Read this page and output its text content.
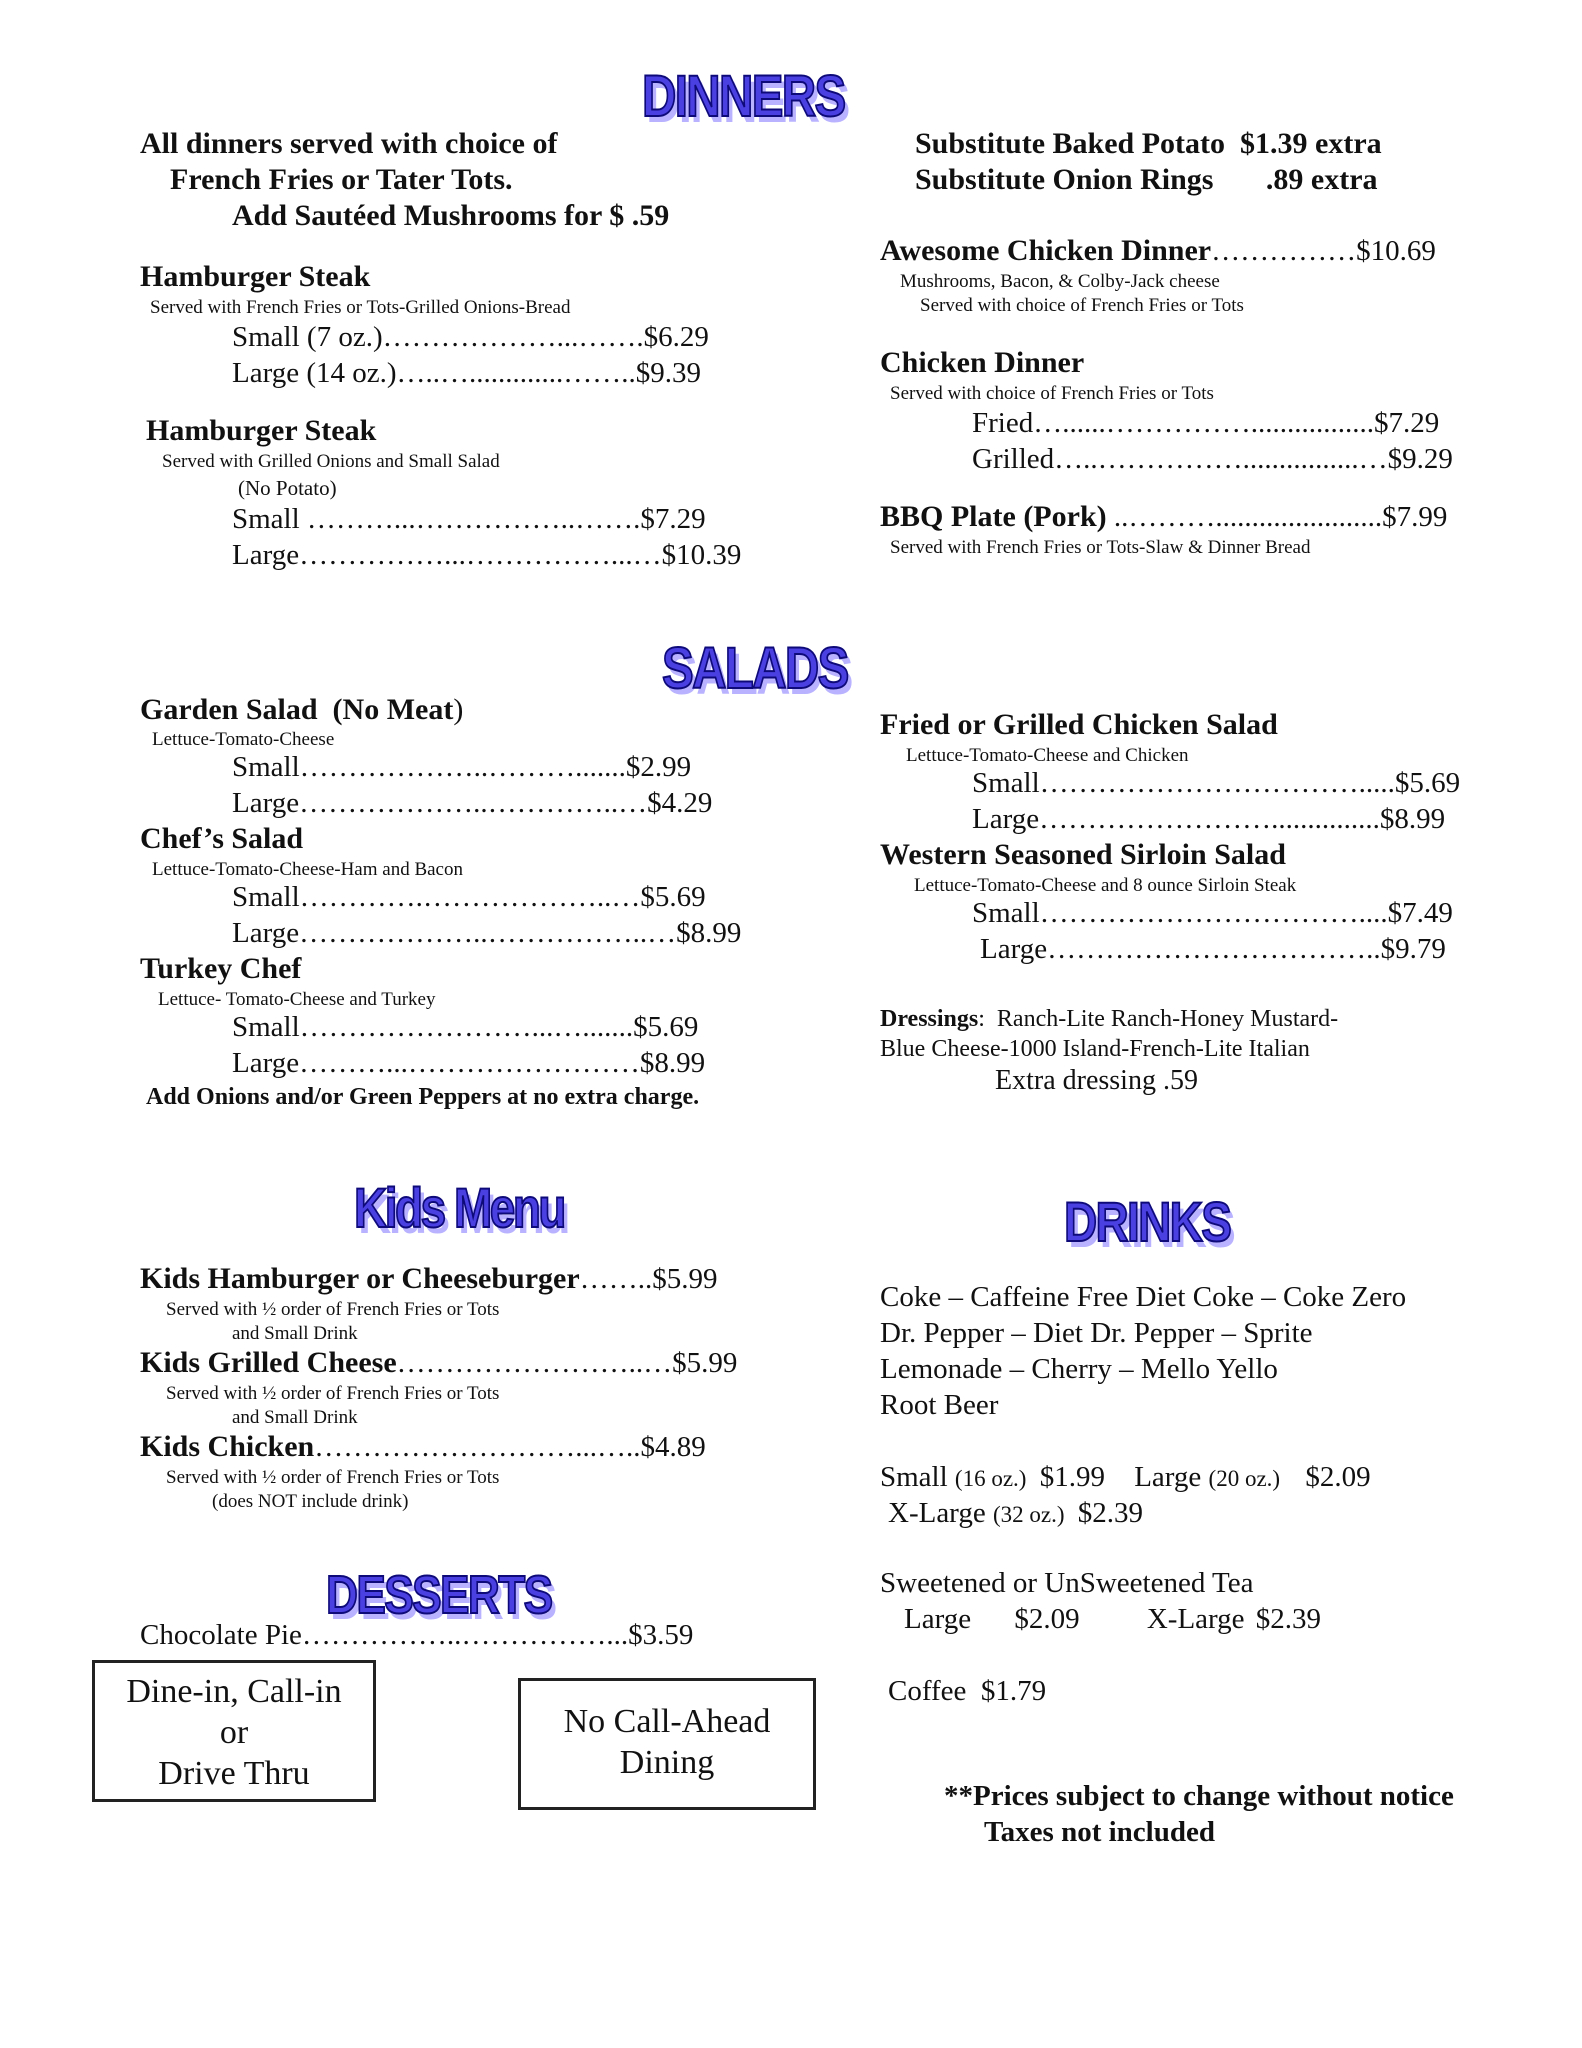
DINNERS
All dinners served with choice of
French Fries or Tater Tots.
Add Sautéed Mushrooms for $ .59
Substitute Baked Potato  $1.39 extra
Substitute Onion Rings       .89 extra
Hamburger Steak
Served with French Fries or Tots-Grilled Onions-Bread
Small (7 oz.)………………...…….$6.29
Large (14 oz.)…..….............……..$9.39
Hamburger Steak
Served with Grilled Onions and Small Salad
(No Potato)
Small ………...……………..…….$7.29
Large……………...……………...…$10.39
Awesome Chicken Dinner……………$10.69
Mushrooms, Bacon, & Colby-Jack cheese
Served with choice of French Fries or Tots
Chicken Dinner
Served with choice of French Fries or Tots
Fried…......…………….................$7.29
Grilled…..……………................…$9.29
BBQ Plate (Pork) ..……….......................$7.99
Served with French Fries or Tots-Slaw & Dinner Bread
SALADS
Garden Salad  (No Meat)
Lettuce-Tomato-Cheese
Small………………..……….......$2.99
Large………………..…………..…$4.29
Chef’s Salad
Lettuce-Tomato-Cheese-Ham and Bacon
Small………….………………..…$5.69
Large………………..……………..…$8.99
Turkey Chef
Lettuce- Tomato-Cheese and Turkey
Small……………………...….......$5.69
Large………...……………………$8.99
Add Onions and/or Green Peppers at no extra charge.
Fried or Grilled Chicken Salad
Lettuce-Tomato-Cheese and Chicken
Small…………………………….....$5.69
Large……………………...............$8.99
Western Seasoned Sirloin Salad
Lettuce-Tomato-Cheese and 8 ounce Sirloin Steak
Small……………………………....$7.49
Large……………………………..$9.79
Dressings:  Ranch-Lite Ranch-Honey Mustard-
Blue Cheese-1000 Island-French-Lite Italian
Extra dressing .59
Kids Menu
Kids Hamburger or Cheeseburger……..$5.99
Served with ½ order of French Fries or Tots
and Small Drink
Kids Grilled Cheese……………………..…$5.99
Served with ½ order of French Fries or Tots
and Small Drink
Kids Chicken………………………...…..$4.89
Served with ½ order of French Fries or Tots
(does NOT include drink)
DESSERTS
Chocolate Pie……………..……………...$3.59
Dine-in, Call-in
or
Drive Thru
No Call-Ahead
Dining
DRINKS
Coke – Caffeine Free Diet Coke – Coke Zero
Dr. Pepper – Diet Dr. Pepper – Sprite
Lemonade – Cherry – Mello Yello
Root Beer
Small (16 oz.) $1.99 Large (20 oz.) $2.09
X-Large (32 oz.) $2.39
Sweetened or UnSweetened Tea
Large $2.09 X-Large $2.39
Coffee  $1.79
**Prices subject to change without notice
Taxes not included
